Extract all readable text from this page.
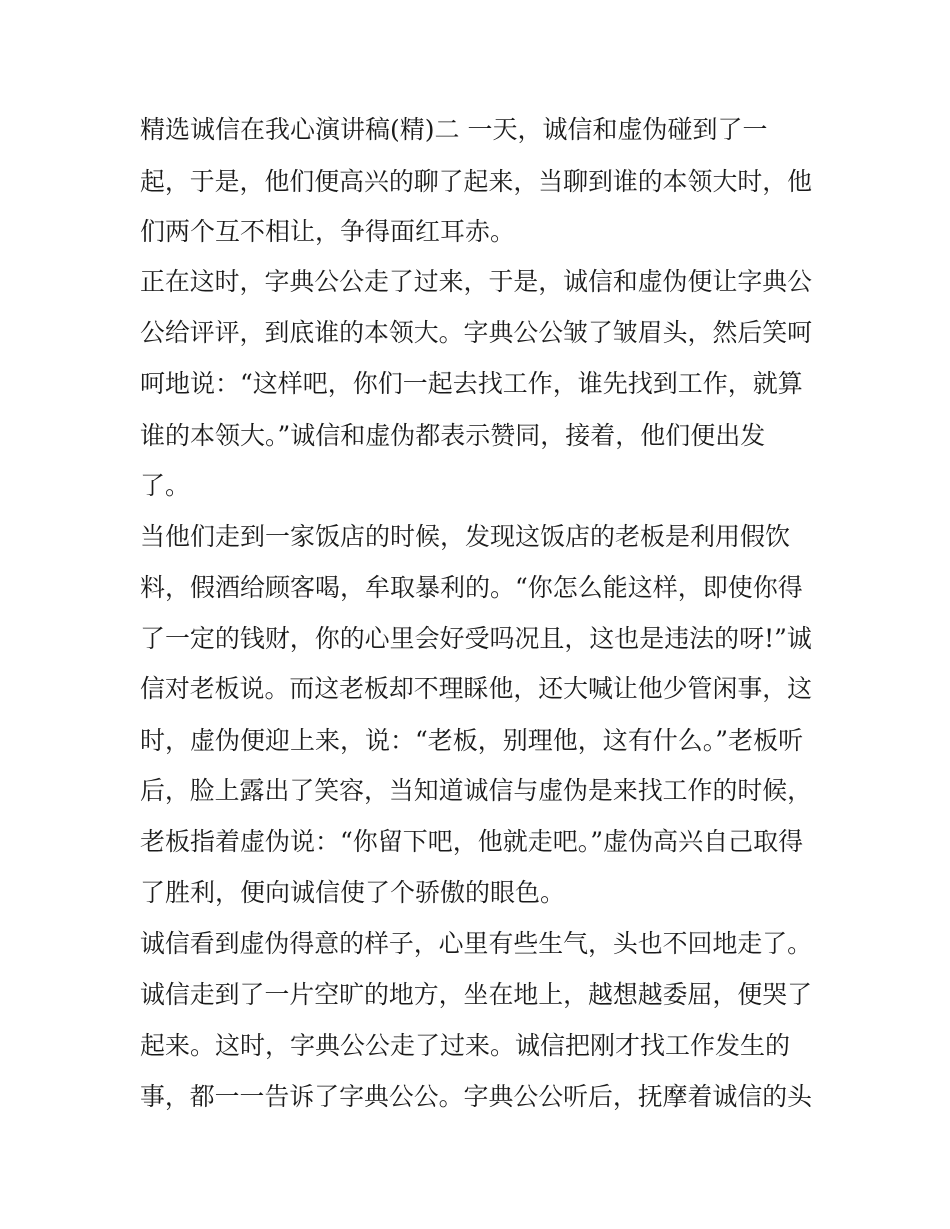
精选诚信在我心演讲稿(精)二 一天，诚信和虚伪碰到了一
起，于是，他们便高兴的聊了起来，当聊到谁的本领大时，他
们两个互不相让，争得面红耳赤。
正在这时，字典公公走了过来，于是，诚信和虚伪便让字典公
公给评评，到底谁的本领大。字典公公皱了皱眉头，然后笑呵
呵地说：“这样吧，你们一起去找工作，谁先找到工作，就算
谁的本领大。”诚信和虚伪都表示赞同，接着，他们便出发
了。
当他们走到一家饭店的时候，发现这饭店的老板是利用假饮
料，假酒给顾客喝，牟取暴利的。“你怎么能这样，即使你得
了一定的钱财，你的心里会好受吗况且，这也是违法的呀!”诚
信对老板说。而这老板却不理睬他，还大喊让他少管闲事，这
时，虚伪便迎上来，说：“老板，别理他，这有什么。”老板听
后，脸上露出了笑容，当知道诚信与虚伪是来找工作的时候，
老板指着虚伪说：“你留下吧，他就走吧。”虚伪高兴自己取得
了胜利，便向诚信使了个骄傲的眼色。
诚信看到虚伪得意的样子，心里有些生气，头也不回地走了。
诚信走到了一片空旷的地方，坐在地上，越想越委屈，便哭了
起来。这时，字典公公走了过来。诚信把刚才找工作发生的
事，都一一告诉了字典公公。字典公公听后，抚摩着诚信的头
